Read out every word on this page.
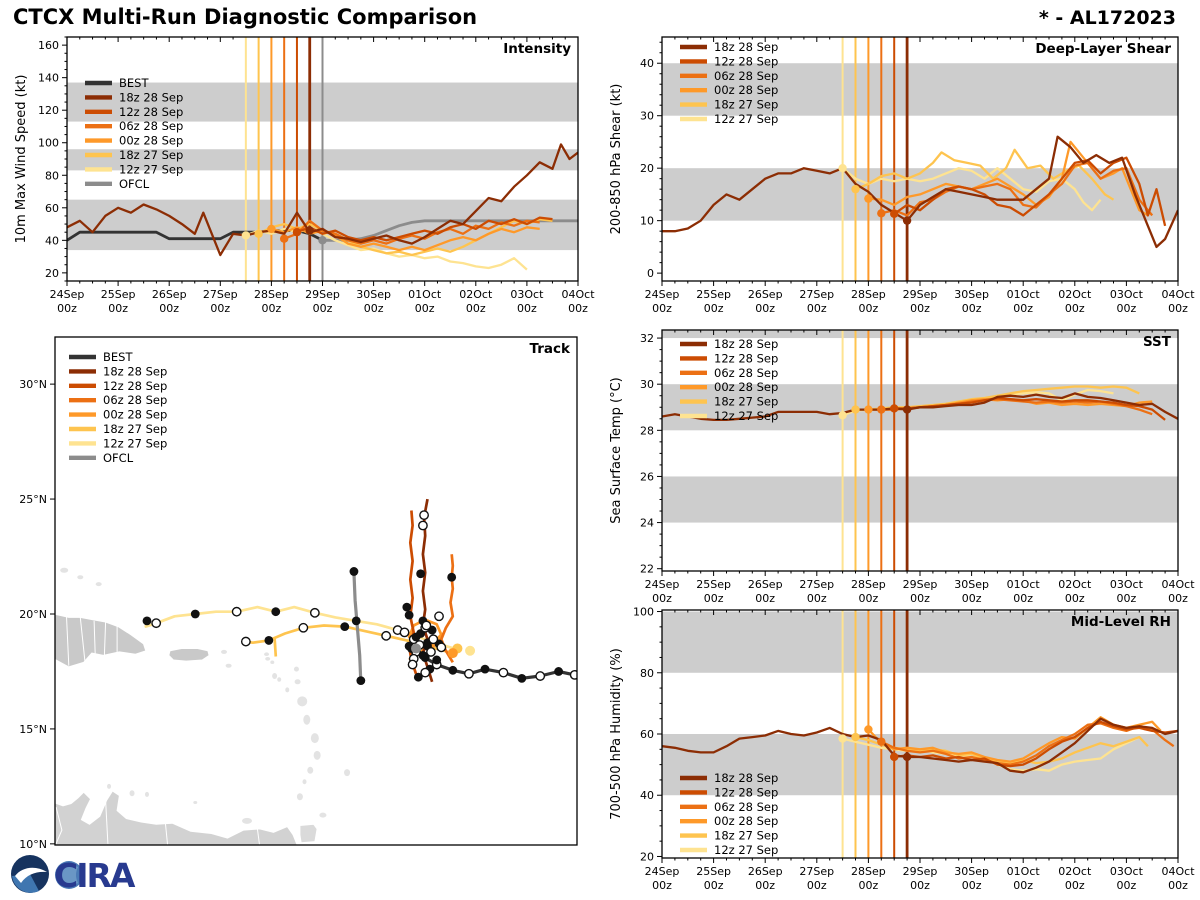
CTCX Multi-Run Diagnostic Comparison	* - AL172023
24Sep
00z
25Sep
00z
26Sep
00z
27Sep
00z
28Sep
00z
29Sep
00z
30Sep
00z
01Oct
00z
02Oct
00z
03Oct
00z
04Oct
00z
20
40
60
80
100
120
140
160
10m Max Wind Speed (kt)
Intensity
BEST
18z 28 Sep
12z 28 Sep
06z 28 Sep
00z 28 Sep
18z 27 Sep
12z 27 Sep
OFCL
24Sep
00z
25Sep
00z
26Sep
00z
27Sep
00z
28Sep
00z
29Sep
00z
30Sep
00z
01Oct
00z
02Oct
00z
03Oct
00z
04Oct
00z
0
10
20
30
40
200-850 hPa Shear (kt)
Deep-Layer Shear
18z 28 Sep
12z 28 Sep
06z 28 Sep
00z 28 Sep
18z 27 Sep
12z 27 Sep
24Sep
00z
25Sep
00z
26Sep
00z
27Sep
00z
28Sep
00z
29Sep
00z
30Sep
00z
01Oct
00z
02Oct
00z
03Oct
00z
04Oct
00z
22
24
26
28
30
32
Sea Surface Temp (°C)
SST
18z 28 Sep
12z 28 Sep
06z 28 Sep
00z 28 Sep
18z 27 Sep
12z 27 Sep
24Sep
00z
25Sep
00z
26Sep
00z
27Sep
00z
28Sep
00z
29Sep
00z
30Sep
00z
01Oct
00z
02Oct
00z
03Oct
00z
04Oct
00z
20
40
60
80
100
700-500 hPa Humidity (%)
Mid-Level RH
18z 28 Sep
12z 28 Sep
06z 28 Sep
00z 28 Sep
18z 27 Sep
12z 27 Sep
10°N
15°N
20°N
25°N
30°N
Track
BEST
18z 28 Sep
12z 28 Sep
06z 28 Sep
00z 28 Sep
18z 27 Sep
12z 27 Sep
OFCL
CIRA
